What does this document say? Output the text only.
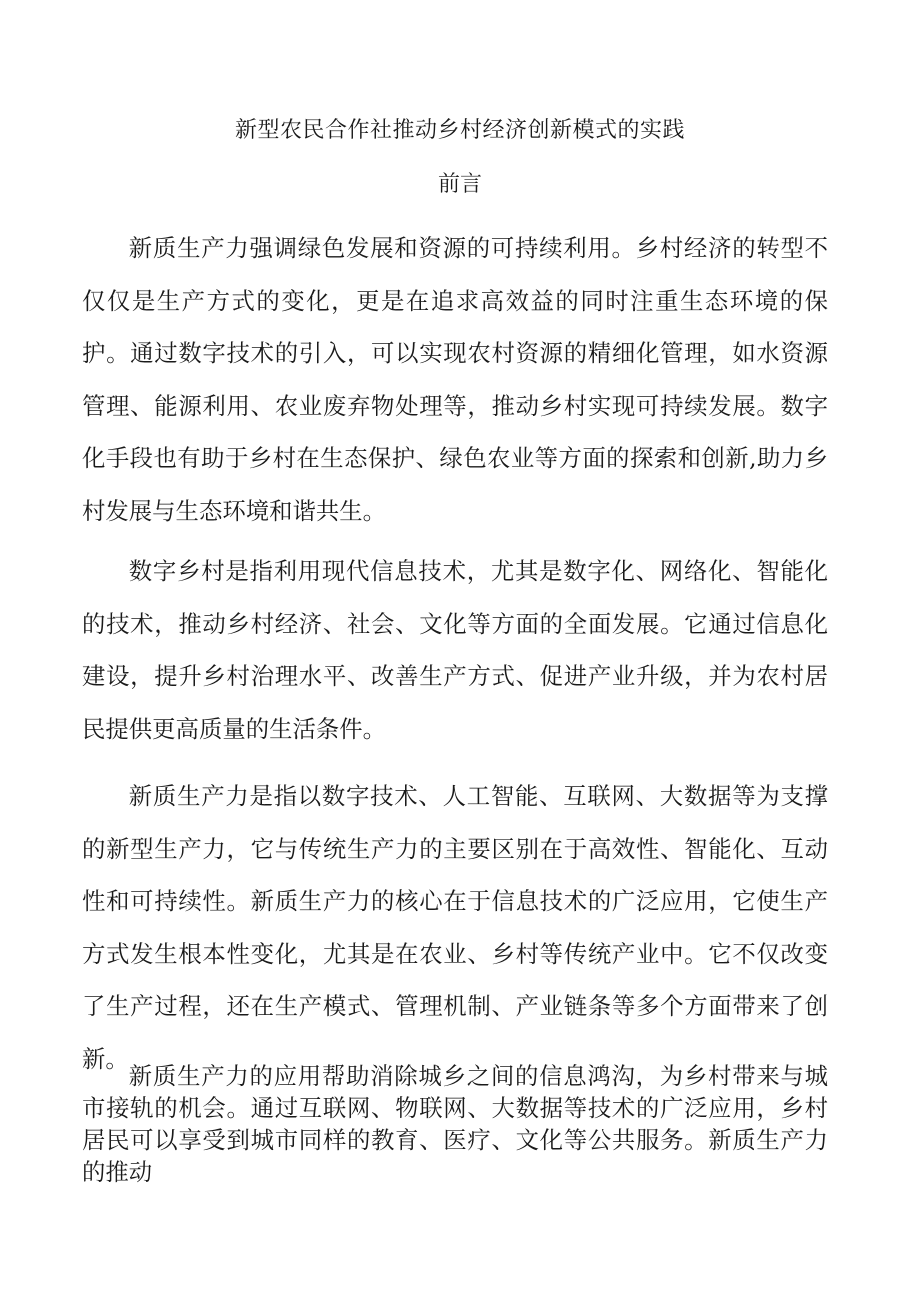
新型农民合作社推动乡村经济创新模式的实践
前言

新质生产力强调绿色发展和资源的可持续利用。乡村经济的转型不仅仅是生产方式的变化，更是在追求高效益的同时注重生态环境的保护。通过数字技术的引入，可以实现农村资源的精细化管理，如水资源管理、能源利用、农业废弃物处理等，推动乡村实现可持续发展。数字化手段也有助于乡村在生态保护、绿色农业等方面的探索和创新,助力乡村发展与生态环境和谐共生。

数字乡村是指利用现代信息技术，尤其是数字化、网络化、智能化的技术，推动乡村经济、社会、文化等方面的全面发展。它通过信息化建设，提升乡村治理水平、改善生产方式、促进产业升级，并为农村居民提供更高质量的生活条件。

新质生产力是指以数字技术、人工智能、互联网、大数据等为支撑的新型生产力，它与传统生产力的主要区别在于高效性、智能化、互动性和可持续性。新质生产力的核心在于信息技术的广泛应用，它使生产方式发生根本性变化，尤其是在农业、乡村等传统产业中。它不仅改变了生产过程，还在生产模式、管理机制、产业链条等多个方面带来了创新。

新质生产力的应用帮助消除城乡之间的信息鸿沟，为乡村带来与城市接轨的机会。通过互联网、物联网、大数据等技术的广泛应用，乡村居民可以享受到城市同样的教育、医疗、文化等公共服务。新质生产力的推动
